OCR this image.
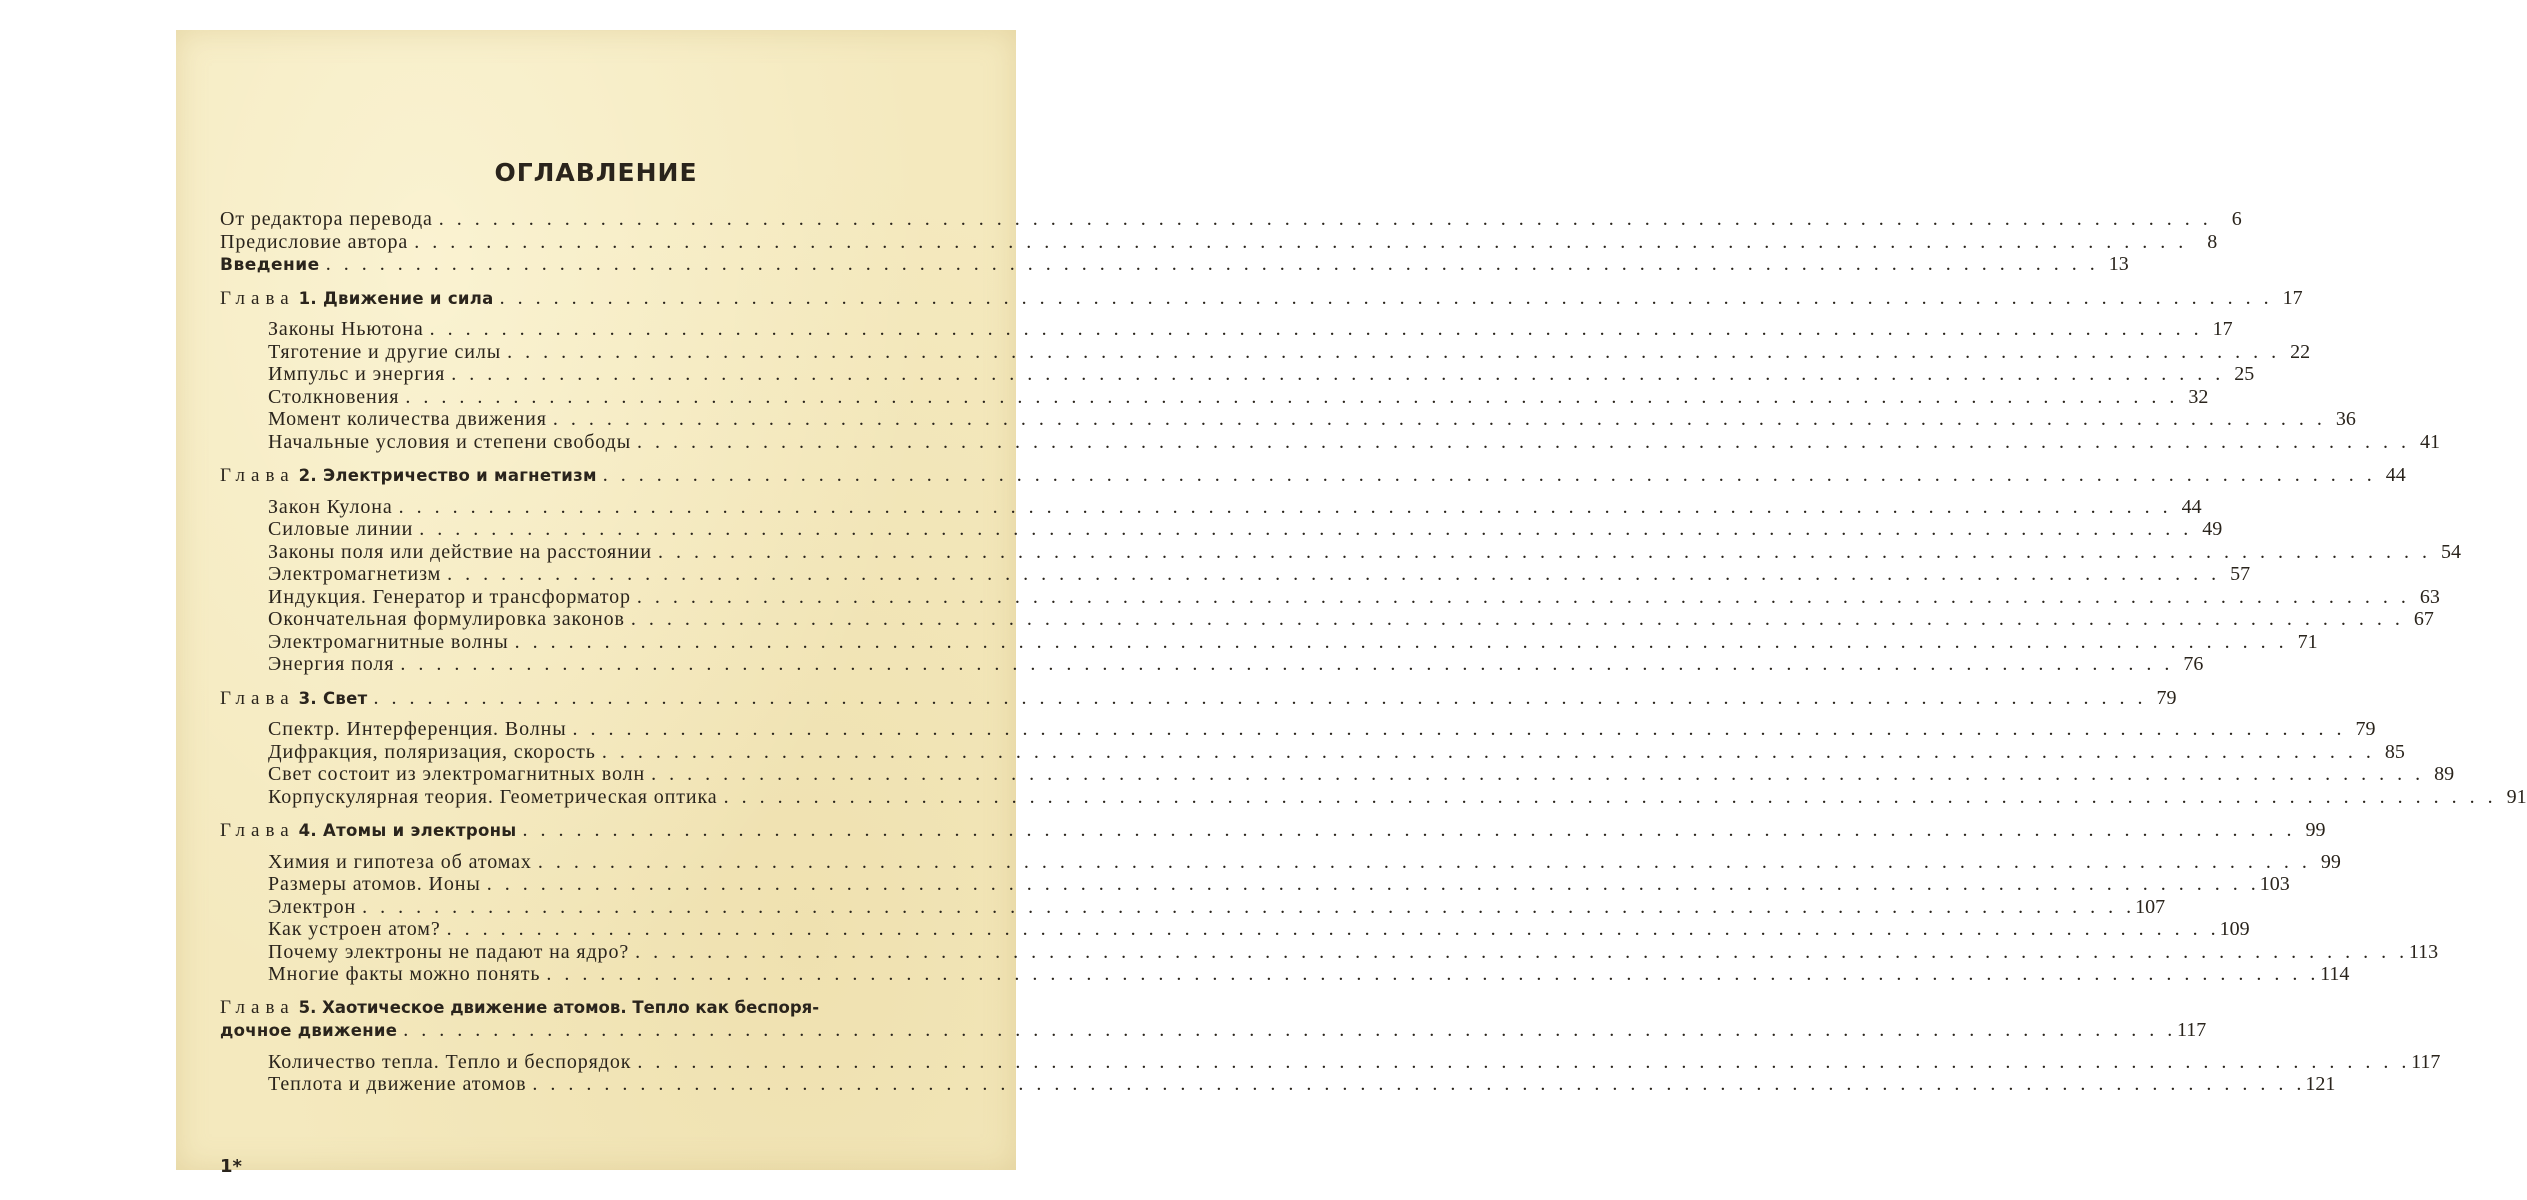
ОГЛАВЛЕНИЕ
От редактора перевода . . .	6
Предисловие автора . . .	8
Введение . . .	13
Глава 1. Движение и сила . . .	17
Законы Ньютона . . .	17
Тяготение и другие силы . . .	22
Импульс и энергия . . .	25
Столкновения . . .	32
Момент количества движения . . .	36
Начальные условия и степени свободы . . .	41
Глава 2. Электричество и магнетизм . . .	44
Закон Кулона . . .	44
Силовые линии . . .	49
Законы поля или действие на расстоянии . . .	54
Электромагнетизм . . .	57
Индукция. Генератор и трансформатор . . .	63
Окончательная формулировка законов . . .	67
Электромагнитные волны . . .	71
Энергия поля . . .	76
Глава 3. Свет . . .	79
Спектр. Интерференция. Волны . . .	79
Дифракция, поляризация, скорость . . .	85
Свет состоит из электромагнитных волн . . .	89
Корпускулярная теория. Геометрическая оптика . . .	91
Глава 4. Атомы и электроны . . .	99
Химия и гипотеза об атомах . . .	99
Размеры атомов. Ионы . . .	103
Электрон . . .	107
Как устроен атом? . . .	109
Почему электроны не падают на ядро? . . .	113
Многие факты можно понять . . .	114
Глава 5. Хаотическое движение атомов. Тепло как беспоря-
дочное движение . . .	117
Количество тепла. Тепло и беспорядок . . .	117
Теплота и движение атомов . . .	121
1*
